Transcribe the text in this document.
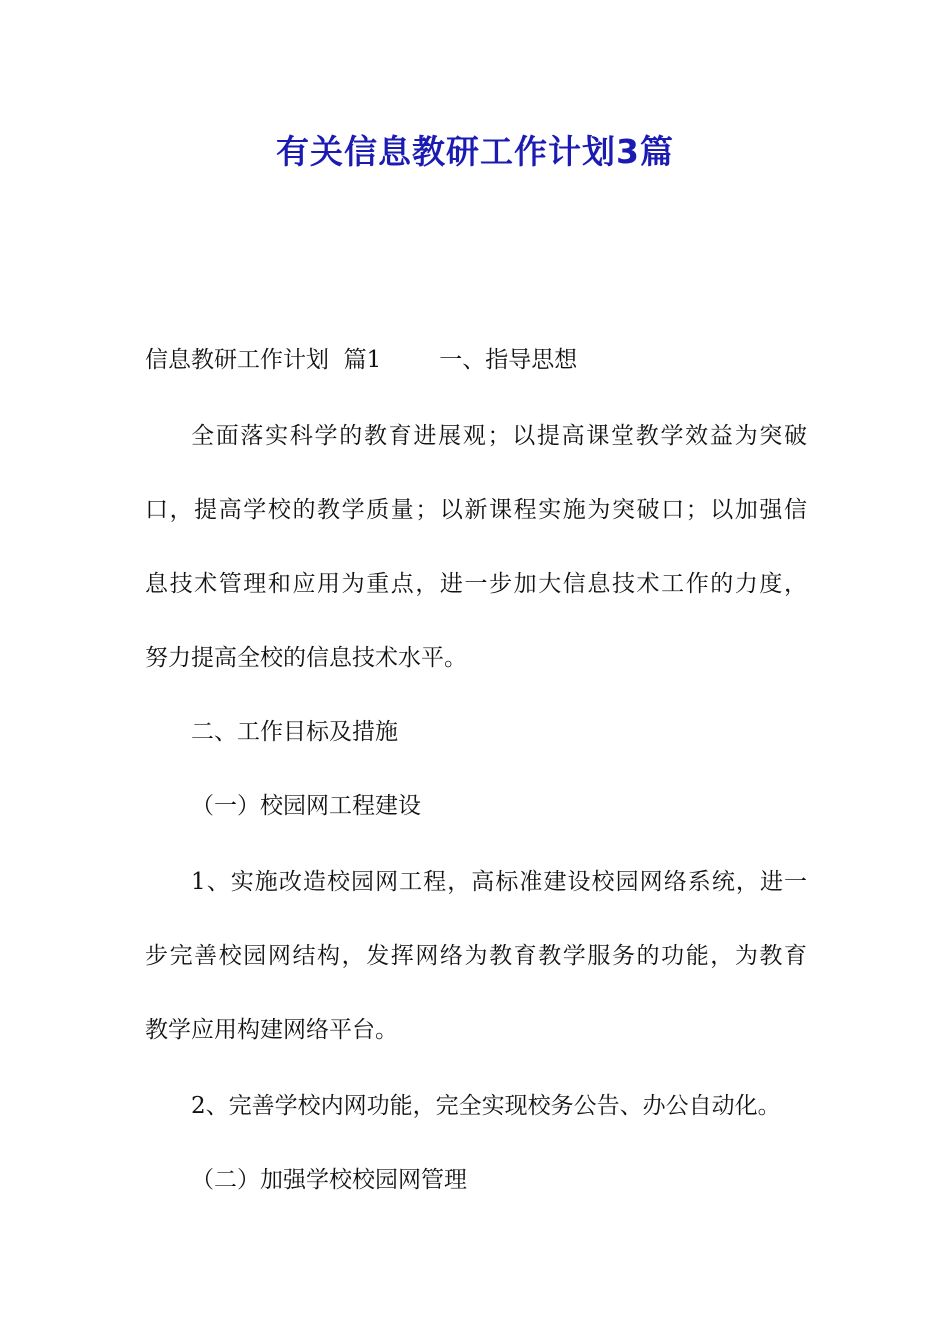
有关信息教研工作计划3篇
信息教研工作计划  篇1	一、指导思想
全面落实科学的教育进展观；以提高课堂教学效益为突破
口，提高学校的教学质量；以新课程实施为突破口；以加强信
息技术管理和应用为重点，进一步加大信息技术工作的力度，
努力提高全校的信息技术水平。
二、工作目标及措施
（一）校园网工程建设
1、实施改造校园网工程，高标准建设校园网络系统，进一
步完善校园网结构，发挥网络为教育教学服务的功能，为教育
教学应用构建网络平台。
2、完善学校内网功能，完全实现校务公告、办公自动化。
（二）加强学校校园网管理
